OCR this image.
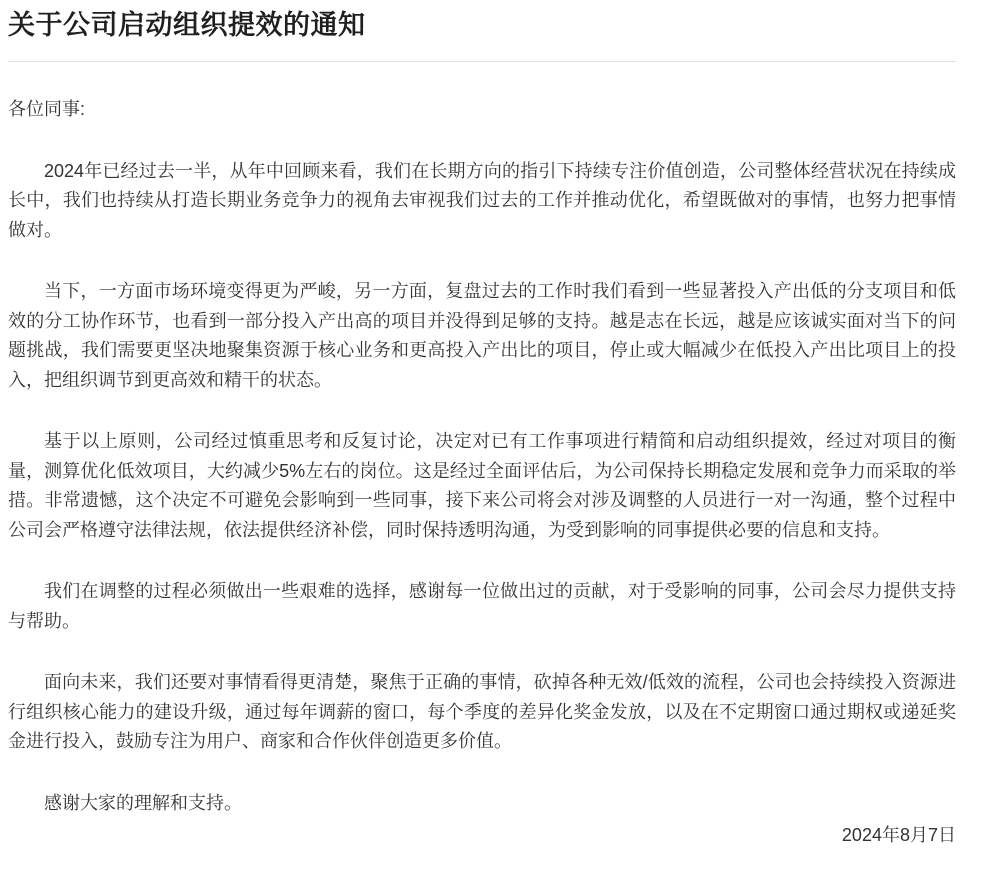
关于公司启动组织提效的通知
各位同事:

2024年已经过去一半，从年中回顾来看，我们在长期方向的指引下持续专注价值创造，公司整体经营状况在持续成长中，我们也持续从打造长期业务竞争力的视角去审视我们过去的工作并推动优化，希望既做对的事情，也努力把事情做对。

当下，一方面市场环境变得更为严峻，另一方面，复盘过去的工作时我们看到一些显著投入产出低的分支项目和低效的分工协作环节，也看到一部分投入产出高的项目并没得到足够的支持。越是志在长远，越是应该诚实面对当下的问题挑战，我们需要更坚决地聚集资源于核心业务和更高投入产出比的项目，停止或大幅减少在低投入产出比项目上的投入，把组织调节到更高效和精干的状态。

基于以上原则，公司经过慎重思考和反复讨论，决定对已有工作事项进行精简和启动组织提效，经过对项目的衡量，测算优化低效项目，大约减少5%左右的岗位。这是经过全面评估后，为公司保持长期稳定发展和竞争力而采取的举措。非常遗憾，这个决定不可避免会影响到一些同事，接下来公司将会对涉及调整的人员进行一对一沟通，整个过程中公司会严格遵守法律法规，依法提供经济补偿，同时保持透明沟通，为受到影响的同事提供必要的信息和支持。

我们在调整的过程必须做出一些艰难的选择，感谢每一位做出过的贡献，对于受影响的同事，公司会尽力提供支持与帮助。

面向未来，我们还要对事情看得更清楚，聚焦于正确的事情，砍掉各种无效/低效的流程，公司也会持续投入资源进行组织核心能力的建设升级，通过每年调薪的窗口，每个季度的差异化奖金发放，以及在不定期窗口通过期权或递延奖金进行投入，鼓励专注为用户、商家和合作伙伴创造更多价值。

感谢大家的理解和支持。

2024年8月7日
